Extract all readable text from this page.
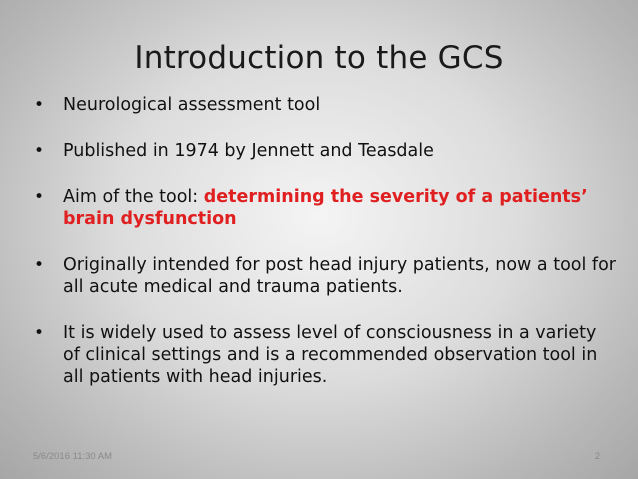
Introduction to the GCS
• Neurological assessment tool
• Published in 1974 by Jennett and Teasdale
• Aim of the tool: determining the severity of a patients’ brain dysfunction
• Originally intended for post head injury patients, now a tool for all acute medical and trauma patients.
• It is widely used to assess level of consciousness in a variety of clinical settings and is a recommended observation tool in all patients with head injuries.
5/6/2016 11:30 AM	2
